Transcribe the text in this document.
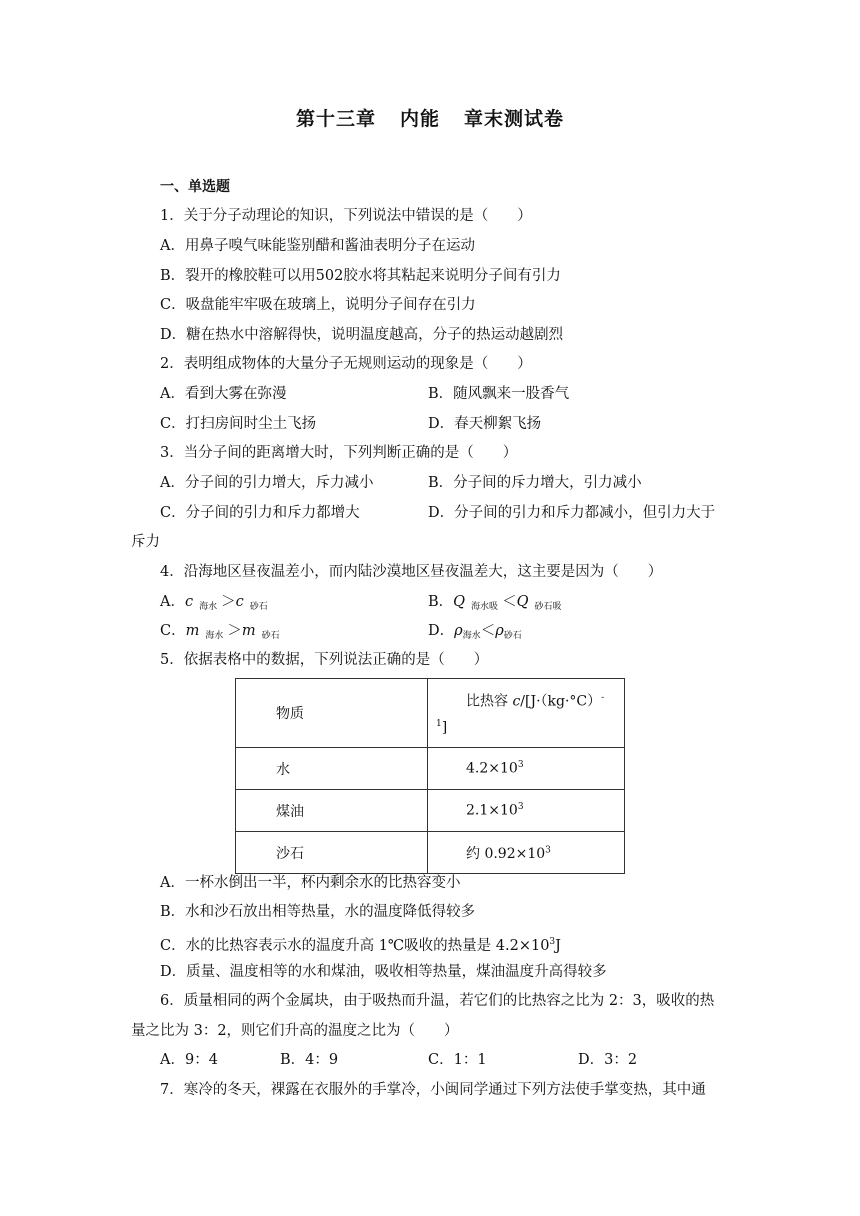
第十三章 内能 章末测试卷
一、单选题
1．关于分子动理论的知识，下列说法中错误的是（　　）
A．用鼻子嗅气味能鉴别醋和酱油表明分子在运动
B．裂开的橡胶鞋可以用502胶水将其粘起来说明分子间有引力
C．吸盘能牢牢吸在玻璃上，说明分子间存在引力
D．糖在热水中溶解得快，说明温度越高，分子的热运动越剧烈
2．表明组成物体的大量分子无规则运动的现象是（　　）
A．看到大雾在弥漫	B．随风飘来一股香气
C．打扫房间时尘土飞扬	D．春天柳絮飞扬
3．当分子间的距离增大时，下列判断正确的是（　　）
A．分子间的引力增大，斥力减小	B．分子间的斥力增大，引力减小
C．分子间的引力和斥力都增大	D．分子间的引力和斥力都减小，但引力大于
斥力
4．沿海地区昼夜温差小，而内陆沙漠地区昼夜温差大，这主要是因为（　　）
A．c $_{海水}$ ＞c $_{砂石}$	B．Q $_{海水吸}$ ＜Q $_{砂石吸}$
C．m $_{海水}$ ＞m $_{砂石}$	D．$\rho_{海水}<\rho_{砂石}$
5．依据表格中的数据，下列说法正确的是（　　）
物质	比热容 c/[J·（kg·°C）-
$^1$]

水	$4.2\times 10^3$
煤油	$2.1\times 10^3$
沙石	约 $0.92\times 10^3$
A．一杯水倒出一半，杯内剩余水的比热容变小
B．水和沙石放出相等热量，水的温度降低得较多
C．水的比热容表示水的温度升高 1℃吸收的热量是 $4.2\times 10^3J$
D．质量、温度相等的水和煤油，吸收相等热量，煤油温度升高得较多
6．质量相同的两个金属块，由于吸热而升温，若它们的比热容之比为 2：3，吸收的热
量之比为 3：2，则它们升高的温度之比为（　　）
A．9：4	B．4：9	C．1：1	D．3：2
7．寒冷的冬天，裸露在衣服外的手掌冷，小闽同学通过下列方法使手掌变热，其中通
